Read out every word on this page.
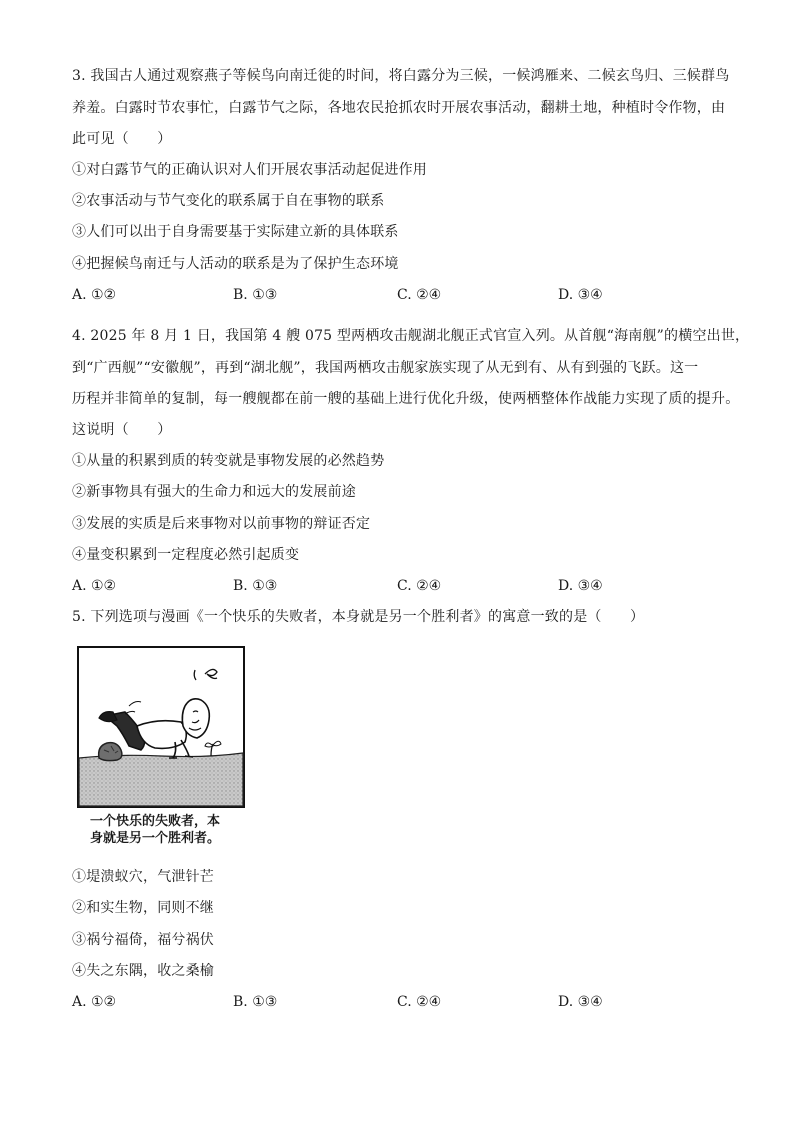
3. 我国古人通过观察燕子等候鸟向南迁徙的时间，将白露分为三候，一候鸿雁来、二候玄鸟归、三候群鸟
养羞。白露时节农事忙，白露节气之际，各地农民抢抓农时开展农事活动，翻耕土地，种植时令作物，由
此可见（　　）
①对白露节气的正确认识对人们开展农事活动起促进作用
②农事活动与节气变化的联系属于自在事物的联系
③人们可以出于自身需要基于实际建立新的具体联系
④把握候鸟南迁与人活动的联系是为了保护生态环境
A. ①②	B. ①③	C. ②④	D. ③④
4. 2025 年 8 月 1 日，我国第 4 艘 075 型两栖攻击舰湖北舰正式官宣入列。从首舰“海南舰”的横空出世，
到“广西舰”“安徽舰”，再到“湖北舰”，我国两栖攻击舰家族实现了从无到有、从有到强的飞跃。这一
历程并非简单的复制，每一艘舰都在前一艘的基础上进行优化升级，使两栖整体作战能力实现了质的提升。
这说明（　　）
①从量的积累到质的转变就是事物发展的必然趋势
②新事物具有强大的生命力和远大的发展前途
③发展的实质是后来事物对以前事物的辩证否定
④量变积累到一定程度必然引起质变
A. ①②	B. ①③	C. ②④	D. ③④
5. 下列选项与漫画《一个快乐的失败者，本身就是另一个胜利者》的寓意一致的是（　　）
一个快乐的失败者，本
身就是另一个胜利者。
①堤溃蚁穴，气泄针芒
②和实生物，同则不继
③祸兮福倚，福兮祸伏
④失之东隅，收之桑榆
A. ①②	B. ①③	C. ②④	D. ③④
